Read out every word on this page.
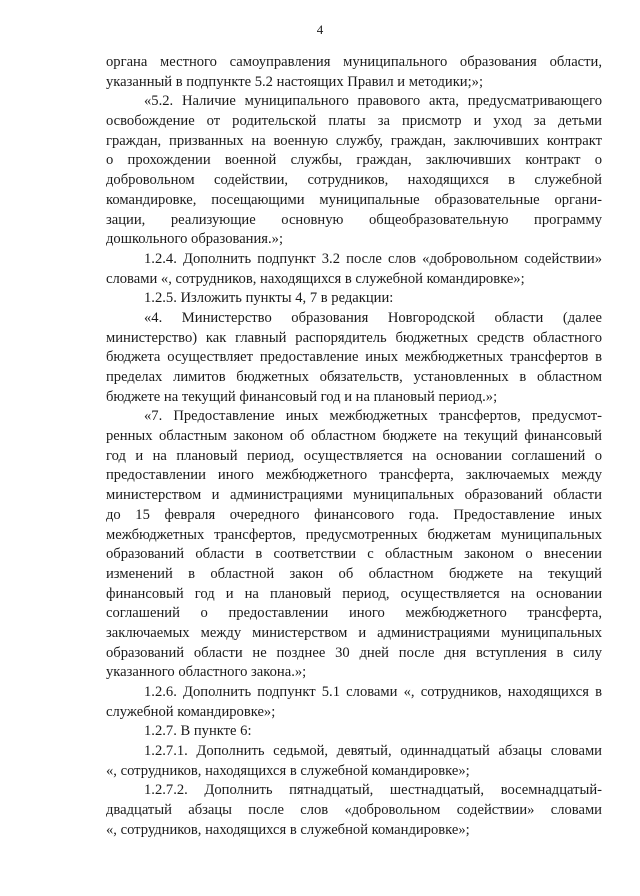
4
органа местного самоуправления муниципального образования области,
указанный в подпункте 5.2 настоящих Правил и методики;»;
«5.2. Наличие муниципального правового акта, предусматривающего
освобождение от родительской платы за присмотр и уход за детьми
граждан, призванных на военную службу, граждан, заключивших контракт
о прохождении военной службы, граждан, заключивших контракт о
добровольном содействии, сотрудников, находящихся в служебной
командировке, посещающими муниципальные образовательные органи-
зации, реализующие основную общеобразовательную программу
дошкольного образования.»;
1.2.4. Дополнить подпункт 3.2 после слов «добровольном содействии»
словами «, сотрудников, находящихся в служебной командировке»;
1.2.5. Изложить пункты 4, 7 в редакции:
«4. Министерство образования Новгородской области (далее
министерство) как главный распорядитель бюджетных средств областного
бюджета осуществляет предоставление иных межбюджетных трансфертов в
пределах лимитов бюджетных обязательств, установленных в областном
бюджете на текущий финансовый год и на плановый период.»;
«7. Предоставление иных межбюджетных трансфертов, предусмот-
ренных областным законом об областном бюджете на текущий финансовый
год и на плановый период, осуществляется на основании соглашений о
предоставлении иного межбюджетного трансферта, заключаемых между
министерством и администрациями муниципальных образований области
до 15 февраля очередного финансового года. Предоставление иных
межбюджетных трансфертов, предусмотренных бюджетам муниципальных
образований области в соответствии с областным законом о внесении
изменений в областной закон об областном бюджете на текущий
финансовый год и на плановый период, осуществляется на основании
соглашений о предоставлении иного межбюджетного трансферта,
заключаемых между министерством и администрациями муниципальных
образований области не позднее 30 дней после дня вступления в силу
указанного областного закона.»;
1.2.6. Дополнить подпункт 5.1 словами «, сотрудников, находящихся в
служебной командировке»;
1.2.7. В пункте 6:
1.2.7.1. Дополнить седьмой, девятый, одиннадцатый абзацы словами
«, сотрудников, находящихся в служебной командировке»;
1.2.7.2. Дополнить пятнадцатый, шестнадцатый, восемнадцатый-
двадцатый абзацы после слов «добровольном содействии» словами
«, сотрудников, находящихся в служебной командировке»;
